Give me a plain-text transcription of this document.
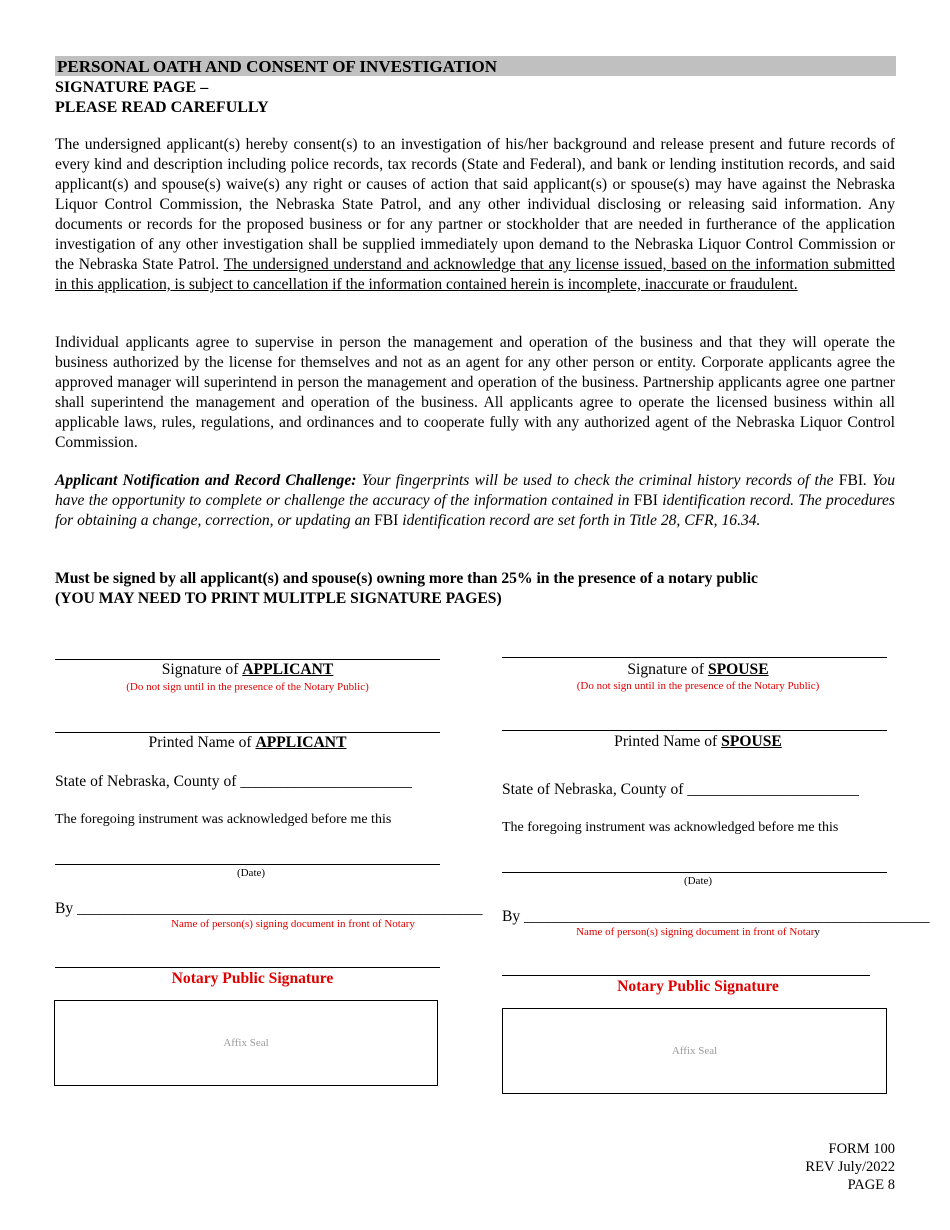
PERSONAL OATH AND CONSENT OF INVESTIGATION
SIGNATURE PAGE –
PLEASE READ CAREFULLY

The undersigned applicant(s) hereby consent(s) to an investigation of his/her background and release present and future records of every kind and description including police records, tax records (State and Federal), and bank or lending institution records, and said applicant(s) and spouse(s) waive(s) any right or causes of action that said applicant(s) or spouse(s) may have against the Nebraska Liquor Control Commission, the Nebraska State Patrol, and any other individual disclosing or releasing said information. Any documents or records for the proposed business or for any partner or stockholder that are needed in furtherance of the application investigation of any other investigation shall be supplied immediately upon demand to the Nebraska Liquor Control Commission or the Nebraska State Patrol. The undersigned understand and acknowledge that any license issued, based on the information submitted in this application, is subject to cancellation if the information contained herein is incomplete, inaccurate or fraudulent.

Individual applicants agree to supervise in person the management and operation of the business and that they will operate the business authorized by the license for themselves and not as an agent for any other person or entity. Corporate applicants agree the approved manager will superintend in person the management and operation of the business. Partnership applicants agree one partner shall superintend the management and operation of the business. All applicants agree to operate the licensed business within all applicable laws, rules, regulations, and ordinances and to cooperate fully with any authorized agent of the Nebraska Liquor Control Commission.

Applicant Notification and Record Challenge: Your fingerprints will be used to check the criminal history records of the FBI. You have the opportunity to complete or challenge the accuracy of the information contained in FBI identification record. The procedures for obtaining a change, correction, or updating an FBI identification record are set forth in Title 28, CFR, 16.34.

Must be signed by all applicant(s) and spouse(s) owning more than 25% in the presence of a notary public
(YOU MAY NEED TO PRINT MULITPLE SIGNATURE PAGES)
Signature of APPLICANT
(Do not sign until in the presence of the Notary Public)
Printed Name of APPLICANT
State of Nebraska, County of ______________________
The foregoing instrument was acknowledged before me this
(Date)
By ____________________________________________________
Name of person(s) signing document in front of Notary
Notary Public Signature
Affix Seal
Signature of SPOUSE
(Do not sign until in the presence of the Notary Public)
Printed Name of SPOUSE
State of Nebraska, County of ______________________
The foregoing instrument was acknowledged before me this
(Date)
By ____________________________________________________
Name of person(s) signing document in front of Notary
Notary Public Signature
Affix Seal
FORM 100
REV July/2022
PAGE 8
